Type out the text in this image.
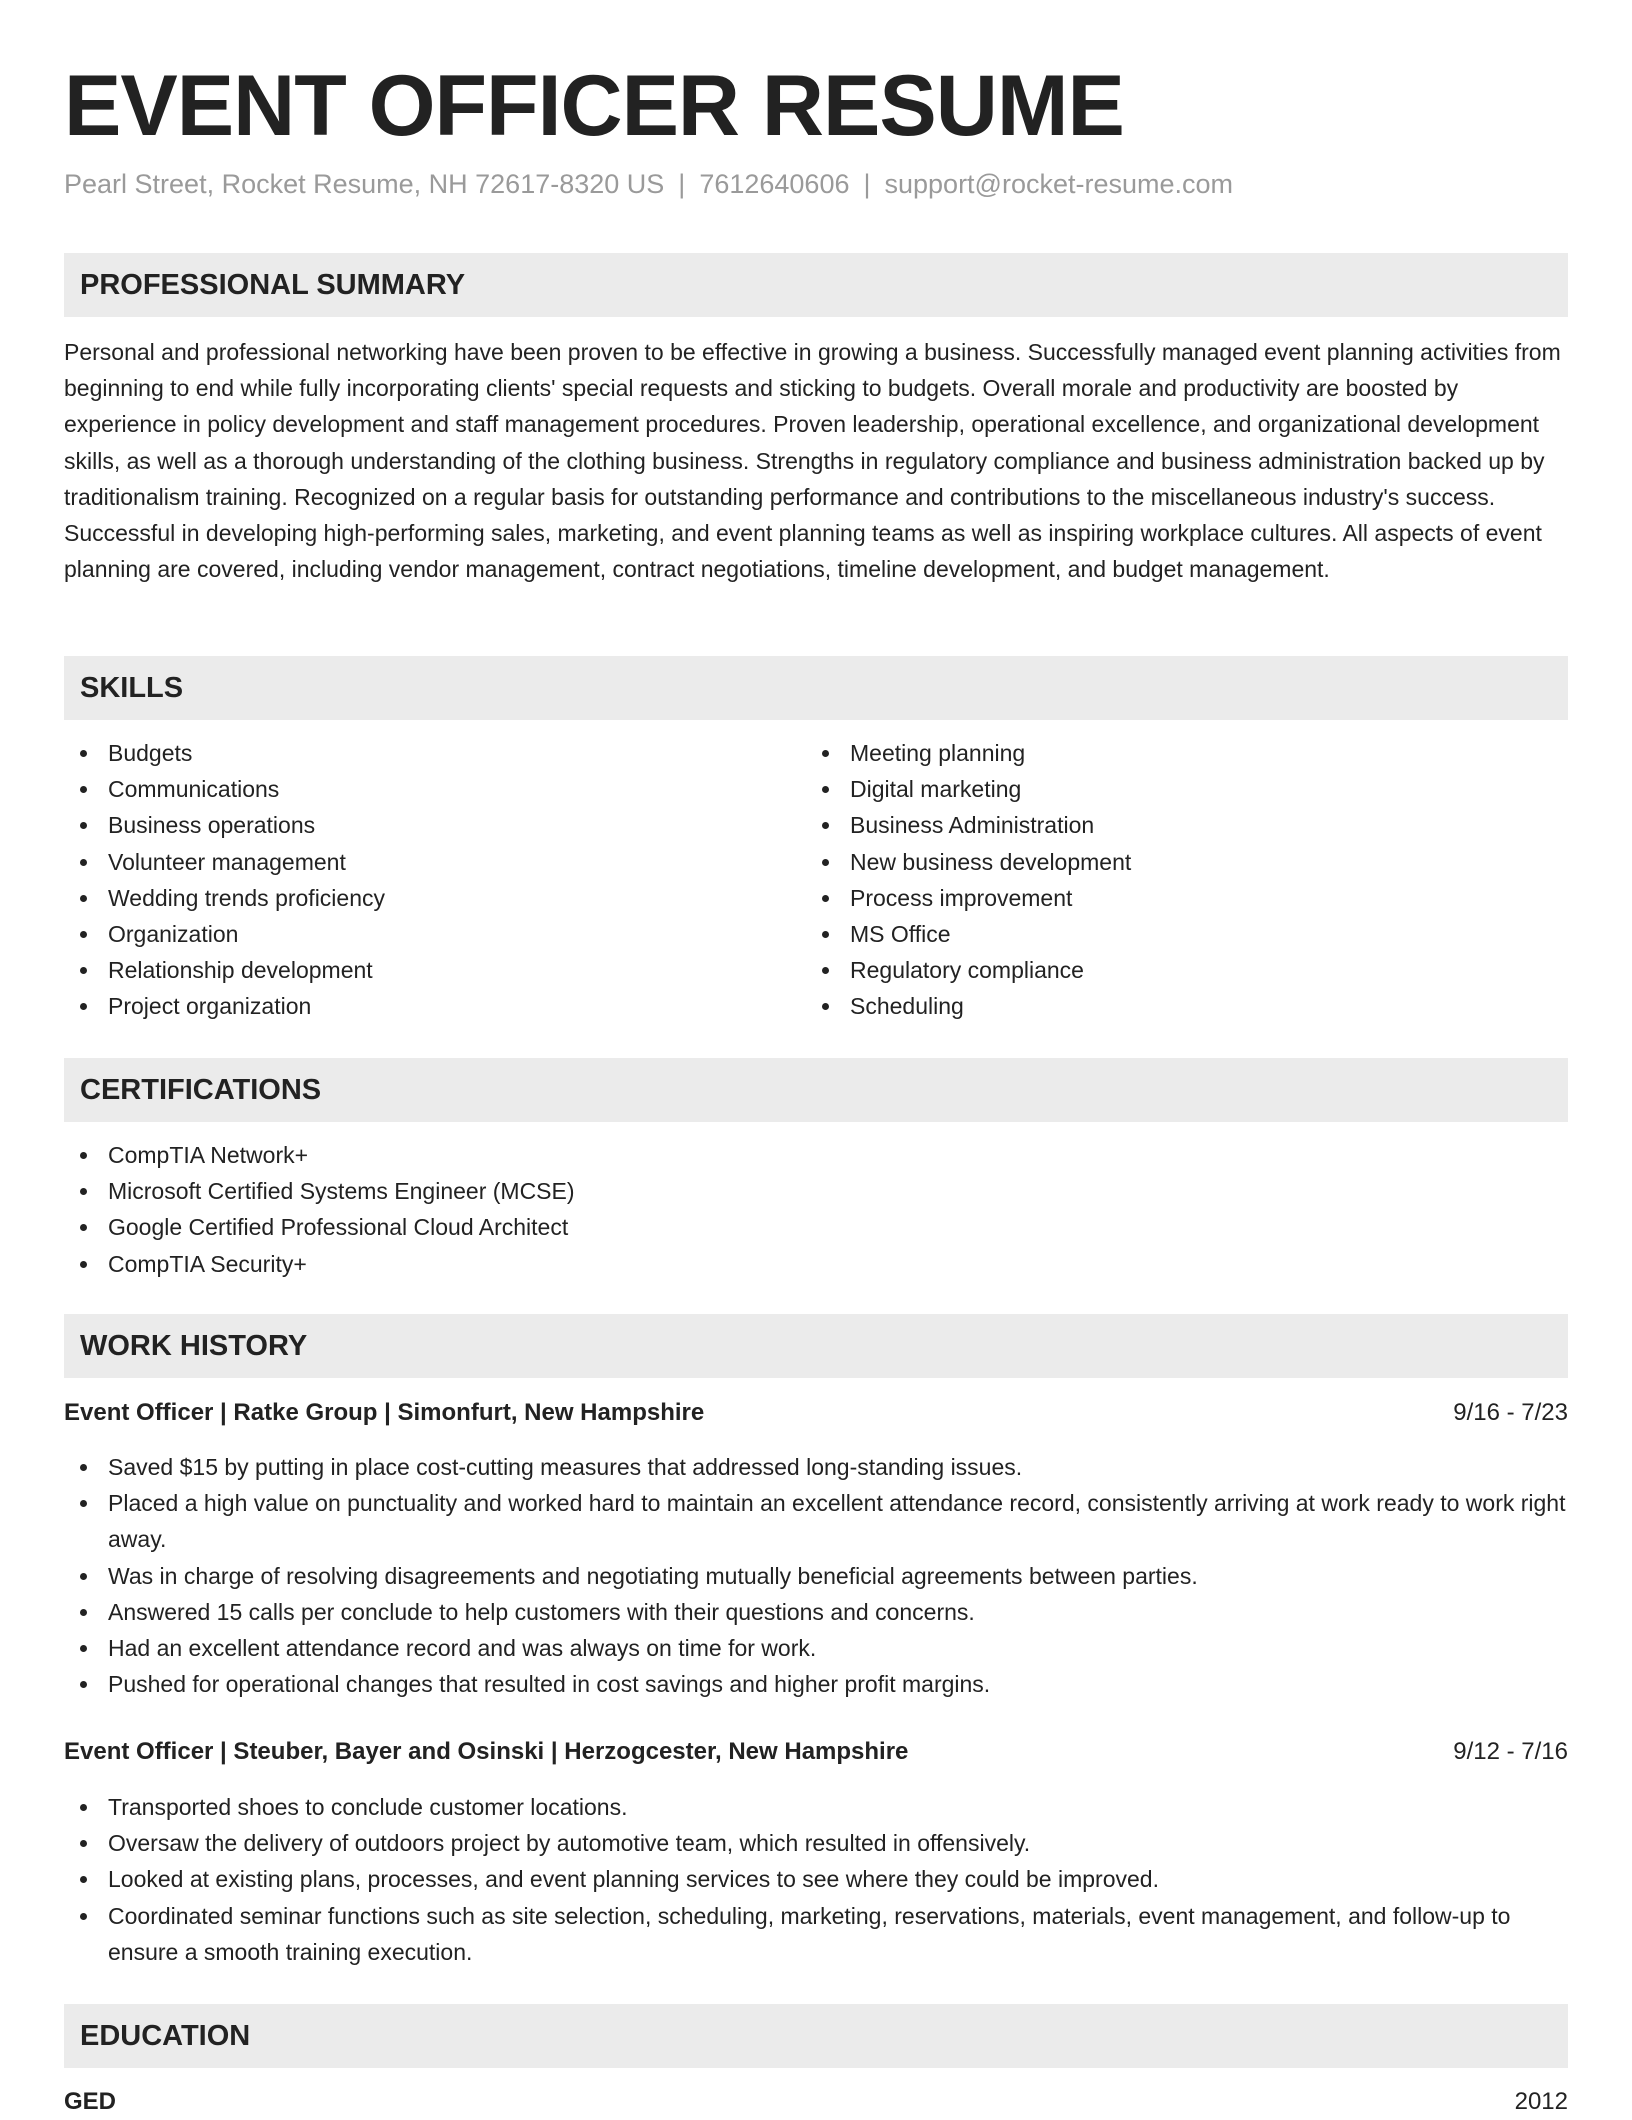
EVENT OFFICER RESUME
Pearl Street, Rocket Resume, NH 72617-8320 US | 7612640606 | support@rocket-resume.com
PROFESSIONAL SUMMARY

Personal and professional networking have been proven to be effective in growing a business. Successfully managed event planning activities from beginning to end while fully incorporating clients' special requests and sticking to budgets. Overall morale and productivity are boosted by experience in policy development and staff management procedures. Proven leadership, operational excellence, and organizational development skills, as well as a thorough understanding of the clothing business. Strengths in regulatory compliance and business administration backed up by traditionalism training. Recognized on a regular basis for outstanding performance and contributions to the miscellaneous industry's success. Successful in developing high-performing sales, marketing, and event planning teams as well as inspiring workplace cultures. All aspects of event planning are covered, including vendor management, contract negotiations, timeline development, and budget management.

SKILLS
Budgets
Communications
Business operations
Volunteer management
Wedding trends proficiency
Organization
Relationship development
Project organization
Meeting planning
Digital marketing
Business Administration
New business development
Process improvement
MS Office
Regulatory compliance
Scheduling
CERTIFICATIONS
CompTIA Network+
Microsoft Certified Systems Engineer (MCSE)
Google Certified Professional Cloud Architect
CompTIA Security+
WORK HISTORY
Event Officer | Ratke Group | Simonfurt, New Hampshire	9/16 - 7/23
Saved $15 by putting in place cost-cutting measures that addressed long-standing issues.
Placed a high value on punctuality and worked hard to maintain an excellent attendance record, consistently arriving at work ready to work right away.
Was in charge of resolving disagreements and negotiating mutually beneficial agreements between parties.
Answered 15 calls per conclude to help customers with their questions and concerns.
Had an excellent attendance record and was always on time for work.
Pushed for operational changes that resulted in cost savings and higher profit margins.
Event Officer | Steuber, Bayer and Osinski | Herzogcester, New Hampshire	9/12 - 7/16
Transported shoes to conclude customer locations.
Oversaw the delivery of outdoors project by automotive team, which resulted in offensively.
Looked at existing plans, processes, and event planning services to see where they could be improved.
Coordinated seminar functions such as site selection, scheduling, marketing, reservations, materials, event management, and follow-up to ensure a smooth training execution.
EDUCATION
GED	2012
